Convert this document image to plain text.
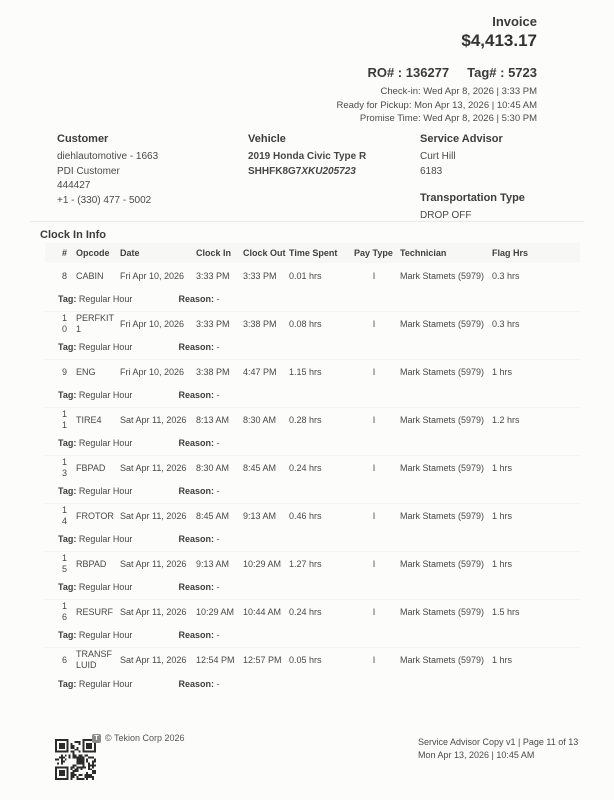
Invoice
$4,413.17
RO# : 136277 Tag# : 5723
Check-in: Wed Apr 8, 2026 | 3:33 PM
Ready for Pickup: Mon Apr 13, 2026 | 10:45 AM
Promise Time: Wed Apr 8, 2026 | 5:30 PM
Customer
diehlautomotive - 1663
PDI Customer
444427
+1 - (330) 477 - 5002
Vehicle
2019 Honda Civic Type R
SHHFK8G7XKU205723
Service Advisor
Curt Hill
6183
Transportation Type
DROP OFF
Clock In Info
#	Opcode	Date	Clock In	Clock Out	Time Spent	Pay Type	Technician	Flag Hrs
8	CABIN	Fri Apr 10, 2026	3:33 PM	3:33 PM	0.01 hrs	I	Mark Stamets (5979)	0.3 hrs
Tag: Regular Hour Reason: -								
10	PERFKIT1	Fri Apr 10, 2026	3:33 PM	3:38 PM	0.08 hrs	I	Mark Stamets (5979)	0.3 hrs
Tag: Regular Hour Reason: -								
9	ENG	Fri Apr 10, 2026	3:38 PM	4:47 PM	1.15 hrs	I	Mark Stamets (5979)	1 hrs
Tag: Regular Hour Reason: -								
11	TIRE4	Sat Apr 11, 2026	8:13 AM	8:30 AM	0.28 hrs	I	Mark Stamets (5979)	1.2 hrs
Tag: Regular Hour Reason: -								
13	FBPAD	Sat Apr 11, 2026	8:30 AM	8:45 AM	0.24 hrs	I	Mark Stamets (5979)	1 hrs
Tag: Regular Hour Reason: -								
14	FROTOR	Sat Apr 11, 2026	8:45 AM	9:13 AM	0.46 hrs	I	Mark Stamets (5979)	1 hrs
Tag: Regular Hour Reason: -								
15	RBPAD	Sat Apr 11, 2026	9:13 AM	10:29 AM	1.27 hrs	I	Mark Stamets (5979)	1 hrs
Tag: Regular Hour Reason: -								
16	RESURF	Sat Apr 11, 2026	10:29 AM	10:44 AM	0.24 hrs	I	Mark Stamets (5979)	1.5 hrs
Tag: Regular Hour Reason: -								
6	TRANSFLUID	Sat Apr 11, 2026	12:54 PM	12:57 PM	0.05 hrs	I	Mark Stamets (5979)	1 hrs
Tag: Regular Hour Reason: -								
T © Tekion Corp 2026	Service Advisor Copy v1 | Page 11 of 13
Mon Apr 13, 2026 | 10:45 AM
